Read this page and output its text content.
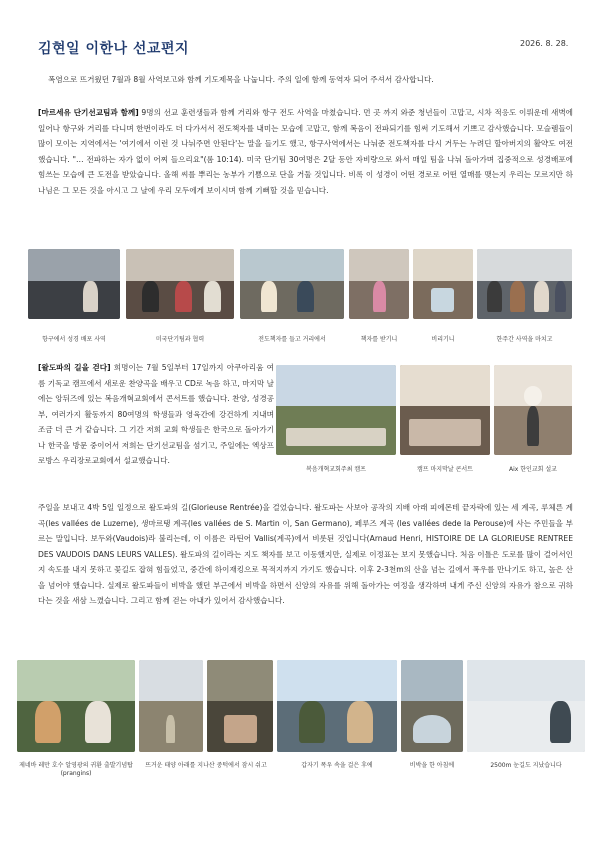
김현일 이한나 선교편지	2026. 8. 28.
폭염으로 뜨거웠던 7월과 8월 사역보고와 함께 기도제목을 나눕니다. 주의 일에 함께 동역자 되어 주셔서 감사합니다.
[마르세유 단기선교팀과 함께] 9명의 선교 훈련생들과 함께 거리와 항구 전도 사역을 마쳤습니다. 먼 곳 까지 와준 청년들이 고맙고, 시차 적응도 이뤄운데 새벽에 일어나 항구와 거리를 다니며 한번이라도 더 다가서서 전도책자를 내미는 모습에 고맙고, 함께 복음이 전파되기를 힘써 기도해서 기쁘고 감사했습니다. 모슬렘들이 많이 모이는 지역에서는 '여기에서 이런 것 나눠주면 안된다'는 말을 들기도 했고, 항구사역에서는 나눠준 전도책자를 다시 거두는 누려딘 할아버지의 활약도 여전했습니다. "… 전파하는 자가 없이 어찌 들으리요"(롬 10:14). 미국 단기팀 30여명은 2달 동안 자비량으로 와서 매일 팀을 나눠 돌아가며 집중적으로 성경배포에 힘쓰는 모습에 큰 도전을 받았습니다. 올해 씨를 뿌리는 농부가 기쁨으로 단을 거둘 것입니다. 비록 이 성경이 어떤 경로로 어떤 열매를 맺는지 우리는 모르지만 하나님은 그 모든 것을 아시고 그 날에 우리 모두에게 보이시며 함께 기뻐할 것을 믿습니다.
항구에서 성경 배포 사역	미국단기팀과 협력	전도책자를 들고 거리에서	책자를 받기니	비리기니	한주간 사역을 마치고
[왈도파의 길을 걷다] 희명이는 7월 5일부터 17일까지 아쿠아리움 여름 기독교 캠프에서 새로운 찬양곡을 배우고 CD로 녹음 하고, 마지막 날에는 앙뒤즈에 있는 복음개혁교회에서 콘서트를 했습니다. 찬양, 성경공부, 여러가지 활동까지 80여명의 학생들과 영육간에 강건하게 지내며 조금 더 큰 거 같습니다. 그 기간 저희 교회 학생들은 한국으로 돌아가기나 한국을 방문 중이어서 저희는 단기선교팀을 섬기고, 주일에는 엑상프로방스 우리장로교회에서 설교했습니다.
복음개혁교회주최 캠프	캠프 마지막날 콘서트	Aix 한인교회 설교
주일을 보내고 4박 5일 일정으로 왈도파의 길(Glorieuse Rentrée)을 걸었습니다. 왈도파는 사보아 공작의 지배 아래 피에몬테 끝자락에 있는 세 계곡, 루체른 계곡(les vallées de Luzerne), 생마르탱 계곡(les vallées de S. Martin 이, San Germano), 페루즈 계곡 (les vallées dede la Perouse)에 사는 주민들을 부르는 말입니다. 보두와(Vaudois)라 불리는데, 이 이름은 라틴어 Vallis(계곡)에서 비롯된 것입니다(Arnaud Henri, HISTOIRE DE LA GLORIEUSE RENTREE DES VAUDOIS DANS LEURS VALLES). 왈도파의 길이라는 지도 책자를 보고 이동했지만, 실제로 이정표는 보지 못했습니다. 처음 이틀은 도로를 많이 걸어서인지 속도를 내지 못하고 꽃길도 잡혀 힘들었고, 중간에 하이재킹으로 목적지까지 가기도 했습니다. 이후 2-3천m의 산을 넘는 길에서 폭우를 만나기도 하고, 높은 산을 넘어야 했습니다. 실제로 왈도파들이 비박을 했던 부근에서 비박을 하면서 신앙의 자유를 위해 돌아가는 여정을 생각하며 내게 주신 신앙의 자유가 참으로 귀하다는 것을 새삼 느꼈습니다. 그리고 함께 걷는 아내가 있어서 감사했습니다.
제네바 레만 호수 알영광의 귀환 출발기념탑(prangins)
뜨거운 태양 아래를 지나산 중턱에서 잠시 쉬고	갑자기 폭우 속을 걸은 후에	비박을 한 아침에	2500m 눈길도 지났습니다
